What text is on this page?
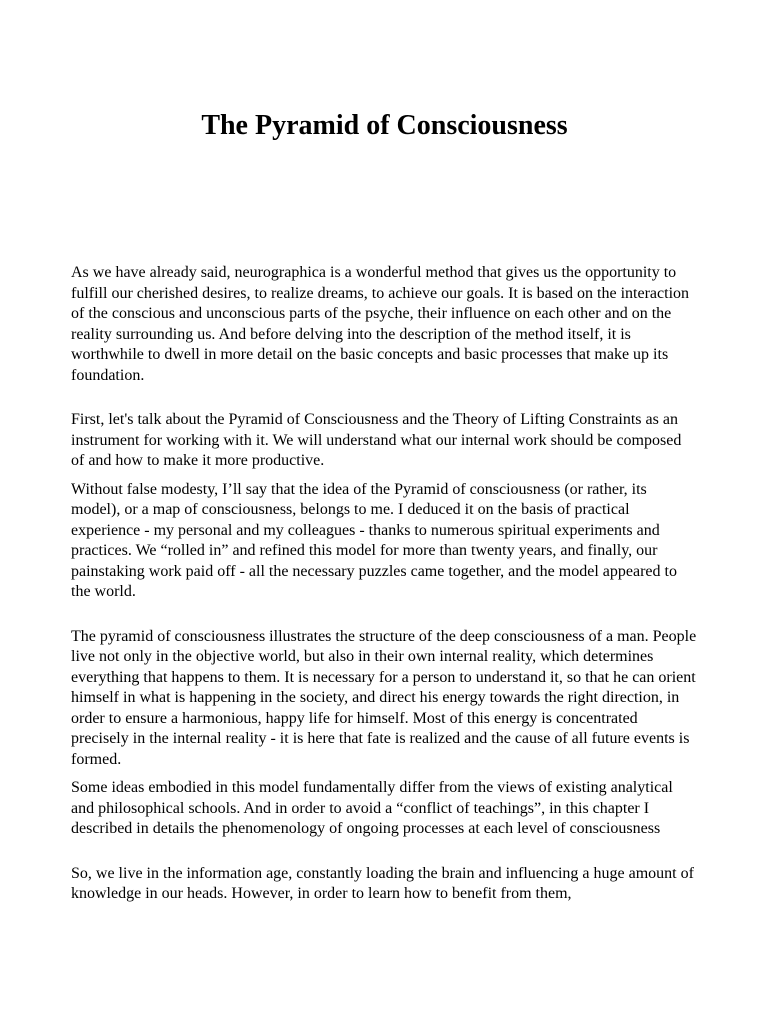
The Pyramid of Consciousness

As we have already said, neurographica is a wonderful method that gives us the opportunity to fulfill our cherished desires, to realize dreams, to achieve our goals. It is based on the interaction of the conscious and unconscious parts of the psyche, their influence on each other and on the reality surrounding us. And before delving into the description of the method itself, it is worthwhile to dwell in more detail on the basic concepts and basic processes that make up its foundation.

First, let's talk about the Pyramid of Consciousness and the Theory of Lifting Constraints as an instrument for working with it. We will understand what our internal work should be composed of and how to make it more productive.

Without false modesty, I’ll say that the idea of the Pyramid of consciousness (or rather, its model), or a map of consciousness, belongs to me. I deduced it on the basis of practical experience - my personal and my colleagues - thanks to numerous spiritual experiments and practices. We “rolled in” and refined this model for more than twenty years, and finally, our painstaking work paid off - all the necessary puzzles came together, and the model appeared to the world.

The pyramid of consciousness illustrates the structure of the deep consciousness of a man. People live not only in the objective world, but also in their own internal reality, which determines everything that happens to them. It is necessary for a person to understand it, so that he can orient himself in what is happening in the society, and direct his energy towards the right direction, in order to ensure a harmonious, happy life for himself. Most of this energy is concentrated precisely in the internal reality - it is here that fate is realized and the cause of all future events is formed.

Some ideas embodied in this model fundamentally differ from the views of existing analytical and philosophical schools. And in order to avoid a “conflict of teachings”, in this chapter I described in details the phenomenology of ongoing processes at each level of consciousness

So, we live in the information age, constantly loading the brain and influencing a huge amount of knowledge in our heads. However, in order to learn how to benefit from them,
